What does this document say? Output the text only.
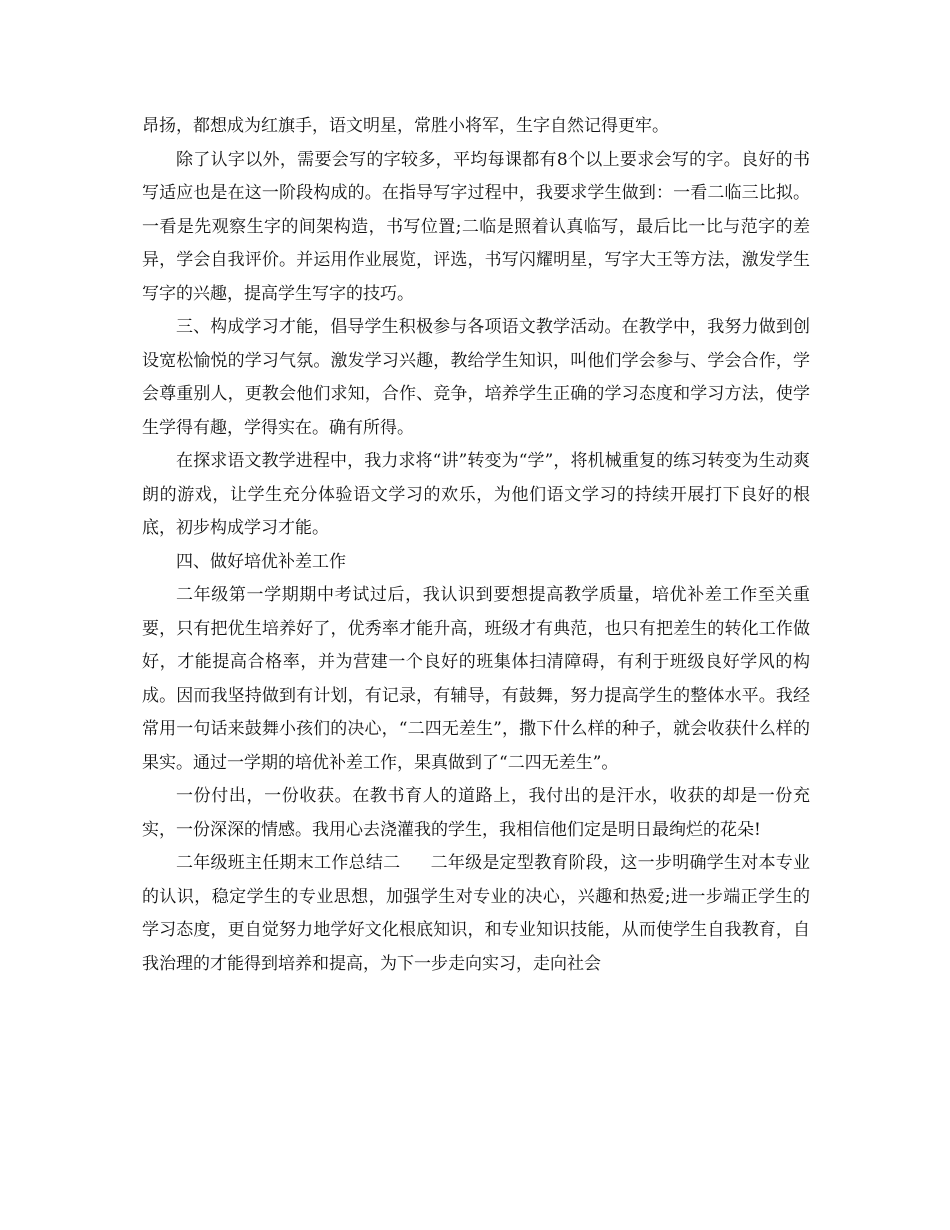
昂扬，都想成为红旗手，语文明星，常胜小将军，生字自然记得更牢。

除了认字以外，需要会写的字较多，平均每课都有8个以上要求会写的字。良好的书写适应也是在这一阶段构成的。在指导写字过程中，我要求学生做到：一看二临三比拟。一看是先观察生字的间架构造，书写位置;二临是照着认真临写，最后比一比与范字的差异，学会自我评价。并运用作业展览，评选，书写闪耀明星，写字大王等方法，激发学生写字的兴趣，提高学生写字的技巧。

三、构成学习才能，倡导学生积极参与各项语文教学活动。在教学中，我努力做到创设宽松愉悦的学习气氛。激发学习兴趣，教给学生知识，叫他们学会参与、学会合作，学会尊重别人，更教会他们求知，合作、竞争，培养学生正确的学习态度和学习方法，使学生学得有趣，学得实在。确有所得。

在探求语文教学进程中，我力求将“讲”转变为“学”，将机械重复的练习转变为生动爽朗的游戏，让学生充分体验语文学习的欢乐，为他们语文学习的持续开展打下良好的根底，初步构成学习才能。

四、做好培优补差工作

二年级第一学期期中考试过后，我认识到要想提高教学质量，培优补差工作至关重要，只有把优生培养好了，优秀率才能升高，班级才有典范，也只有把差生的转化工作做好，才能提高合格率，并为营建一个良好的班集体扫清障碍，有利于班级良好学风的构成。因而我坚持做到有计划，有记录，有辅导，有鼓舞，努力提高学生的整体水平。我经常用一句话来鼓舞小孩们的决心，“二四无差生”，撒下什么样的种子，就会收获什么样的果实。通过一学期的培优补差工作，果真做到了“二四无差生”。

一份付出，一份收获。在教书育人的道路上，我付出的是汗水，收获的却是一份充实，一份深深的情感。我用心去浇灌我的学生，我相信他们定是明日最绚烂的花朵!

二年级班主任期末工作总结二 二年级是定型教育阶段，这一步明确学生对本专业的认识，稳定学生的专业思想，加强学生对专业的决心，兴趣和热爱;进一步端正学生的学习态度，更自觉努力地学好文化根底知识，和专业知识技能，从而使学生自我教育，自我治理的才能得到培养和提高，为下一步走向实习，走向社会
